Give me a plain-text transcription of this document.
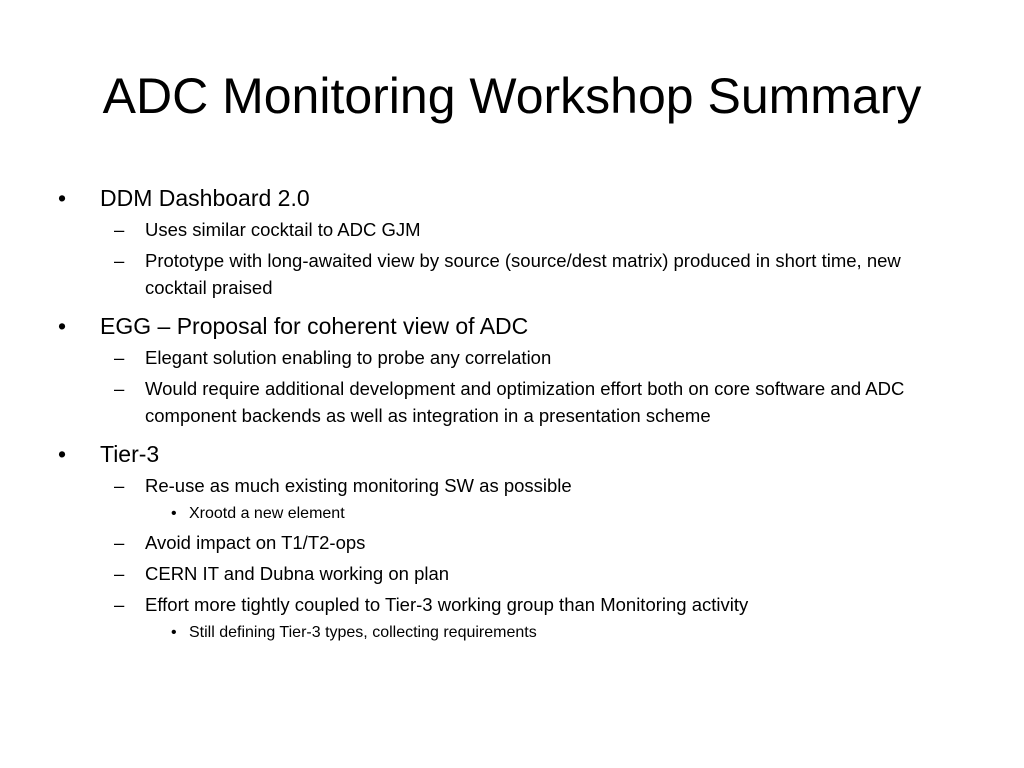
ADC Monitoring Workshop Summary
• DDM Dashboard 2.0
– Uses similar cocktail to ADC GJM
– Prototype with long-awaited view by source (source/dest matrix) produced in short time, new cocktail praised
• EGG – Proposal for coherent view of ADC
– Elegant solution enabling to probe any correlation
– Would require additional development and optimization effort both on core software and ADC component backends as well as integration in a presentation scheme
• Tier-3
– Re-use as much existing monitoring SW as possible
• Xrootd a new element
– Avoid impact on T1/T2-ops
– CERN IT and Dubna working on plan
– Effort more tightly coupled to Tier-3 working group than Monitoring activity
• Still defining Tier-3 types, collecting requirements
